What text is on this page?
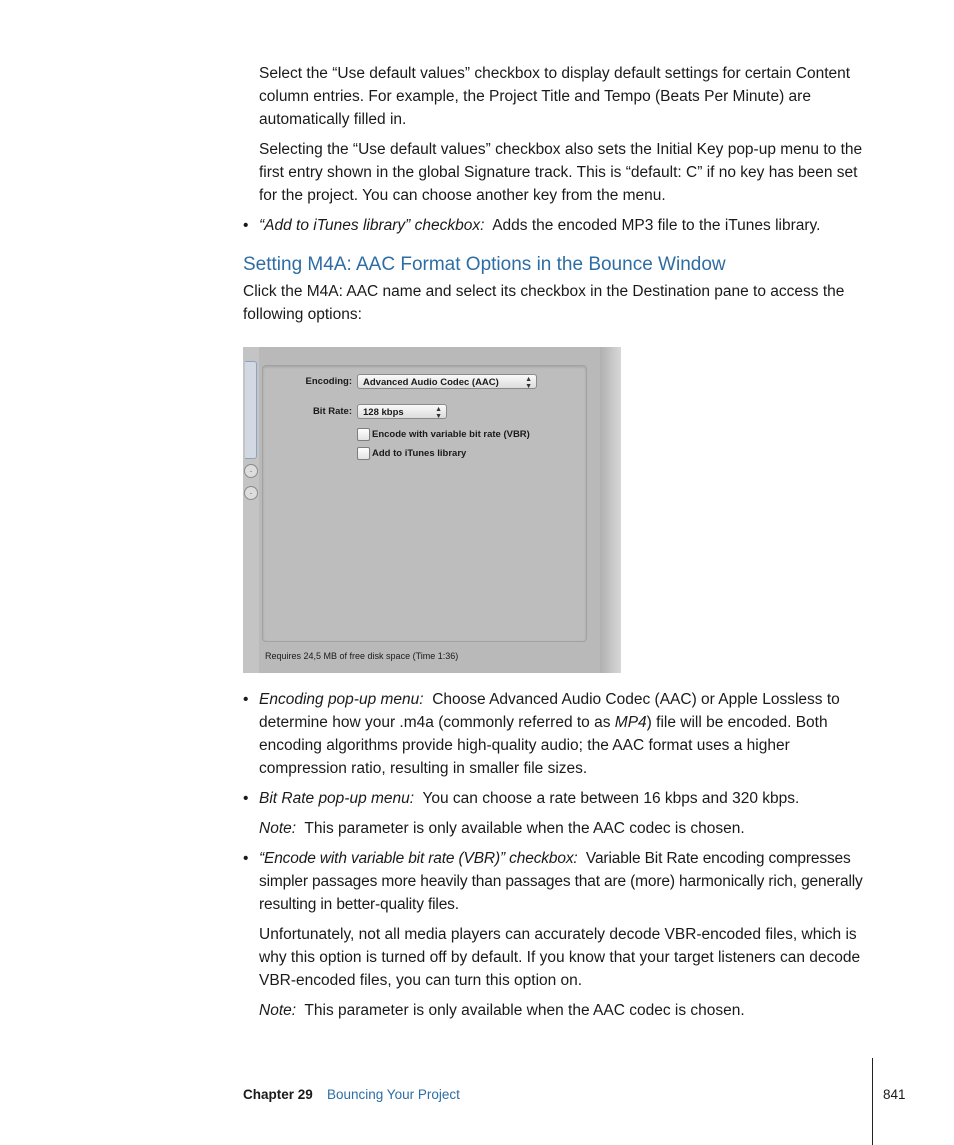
Select the “Use default values” checkbox to display default settings for certain Content column entries. For example, the Project Title and Tempo (Beats Per Minute) are automatically filled in.

Selecting the “Use default values” checkbox also sets the Initial Key pop-up menu to the first entry shown in the global Signature track. This is “default: C” if no key has been set for the project. You can choose another key from the menu.

• “Add to iTunes library” checkbox: Adds the encoded MP3 file to the iTunes library.
Setting M4A: AAC Format Options in the Bounce Window

Click the M4A: AAC name and select its checkbox in the Destination pane to access the following options:

·
·
Encoding:	Advanced Audio Codec (AAC)	▲
▼
Bit Rate:	128 kbps	▲
▼
Encode with variable bit rate (VBR)
Add to iTunes library
Requires 24,5 MB of free disk space (Time 1:36)
• Encoding pop-up menu: Choose Advanced Audio Codec (AAC) or Apple Lossless to determine how your .m4a (commonly referred to as MP4) file will be encoded. Both encoding algorithms provide high-quality audio; the AAC format uses a higher compression ratio, resulting in smaller file sizes.
• Bit Rate pop-up menu: You can choose a rate between 16 kbps and 320 kbps.

Note: This parameter is only available when the AAC codec is chosen.

• “Encode with variable bit rate (VBR)” checkbox: Variable Bit Rate encoding compresses simpler passages more heavily than passages that are (more) harmonically rich, generally resulting in better-quality files.

Unfortunately, not all media players can accurately decode VBR-encoded files, which is why this option is turned off by default. If you know that your target listeners can decode VBR-encoded files, you can turn this option on.

Note: This parameter is only available when the AAC codec is chosen.

Chapter 29 Bouncing Your Project	841
